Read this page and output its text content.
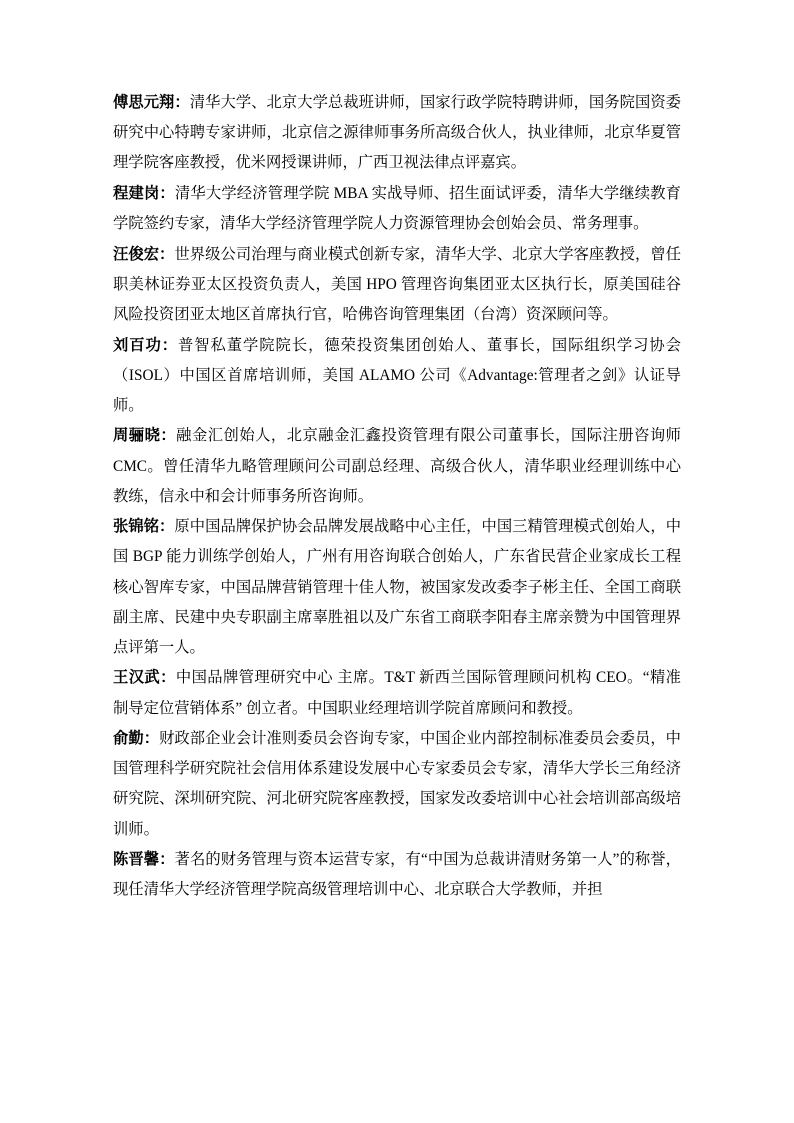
傅思元翔：清华大学、北京大学总裁班讲师，国家行政学院特聘讲师，国务院国资委研究中心特聘专家讲师，北京信之源律师事务所高级合伙人，执业律师，北京华夏管理学院客座教授，优米网授课讲师，广西卫视法律点评嘉宾。

程建岗：清华大学经济管理学院 MBA 实战导师、招生面试评委，清华大学继续教育学院签约专家，清华大学经济管理学院人力资源管理协会创始会员、常务理事。

汪俊宏：世界级公司治理与商业模式创新专家，清华大学、北京大学客座教授，曾任职美林证券亚太区投资负责人，美国 HPO 管理咨询集团亚太区执行长，原美国硅谷风险投资团亚太地区首席执行官，哈佛咨询管理集团（台湾）资深顾问等。

刘百功：普智私董学院院长，德荣投资集团创始人、董事长，国际组织学习协会（ISOL）中国区首席培训师，美国 ALAMO 公司《Advantage:管理者之剑》认证导师。

周骊晓：融金汇创始人，北京融金汇鑫投资管理有限公司董事长，国际注册咨询师 CMC。曾任清华九略管理顾问公司副总经理、高级合伙人，清华职业经理训练中心教练，信永中和会计师事务所咨询师。

张锦铭：原中国品牌保护协会品牌发展战略中心主任，中国三精管理模式创始人，中国 BGP 能力训练学创始人，广州有用咨询联合创始人，广东省民营企业家成长工程核心智库专家，中国品牌营销管理十佳人物，被国家发改委李子彬主任、全国工商联副主席、民建中央专职副主席辜胜祖以及广东省工商联李阳春主席亲赞为中国管理界点评第一人。

王汉武：中国品牌管理研究中心 主席。T&T 新西兰国际管理顾问机构 CEO。“精准制导定位营销体系” 创立者。中国职业经理培训学院首席顾问和教授。

俞勤：财政部企业会计准则委员会咨询专家，中国企业内部控制标准委员会委员，中国管理科学研究院社会信用体系建设发展中心专家委员会专家，清华大学长三角经济研究院、深圳研究院、河北研究院客座教授，国家发改委培训中心社会培训部高级培训师。

陈晋馨：著名的财务管理与资本运营专家，有“中国为总裁讲清财务第一人”的称誉，现任清华大学经济管理学院高级管理培训中心、北京联合大学教师，并担
